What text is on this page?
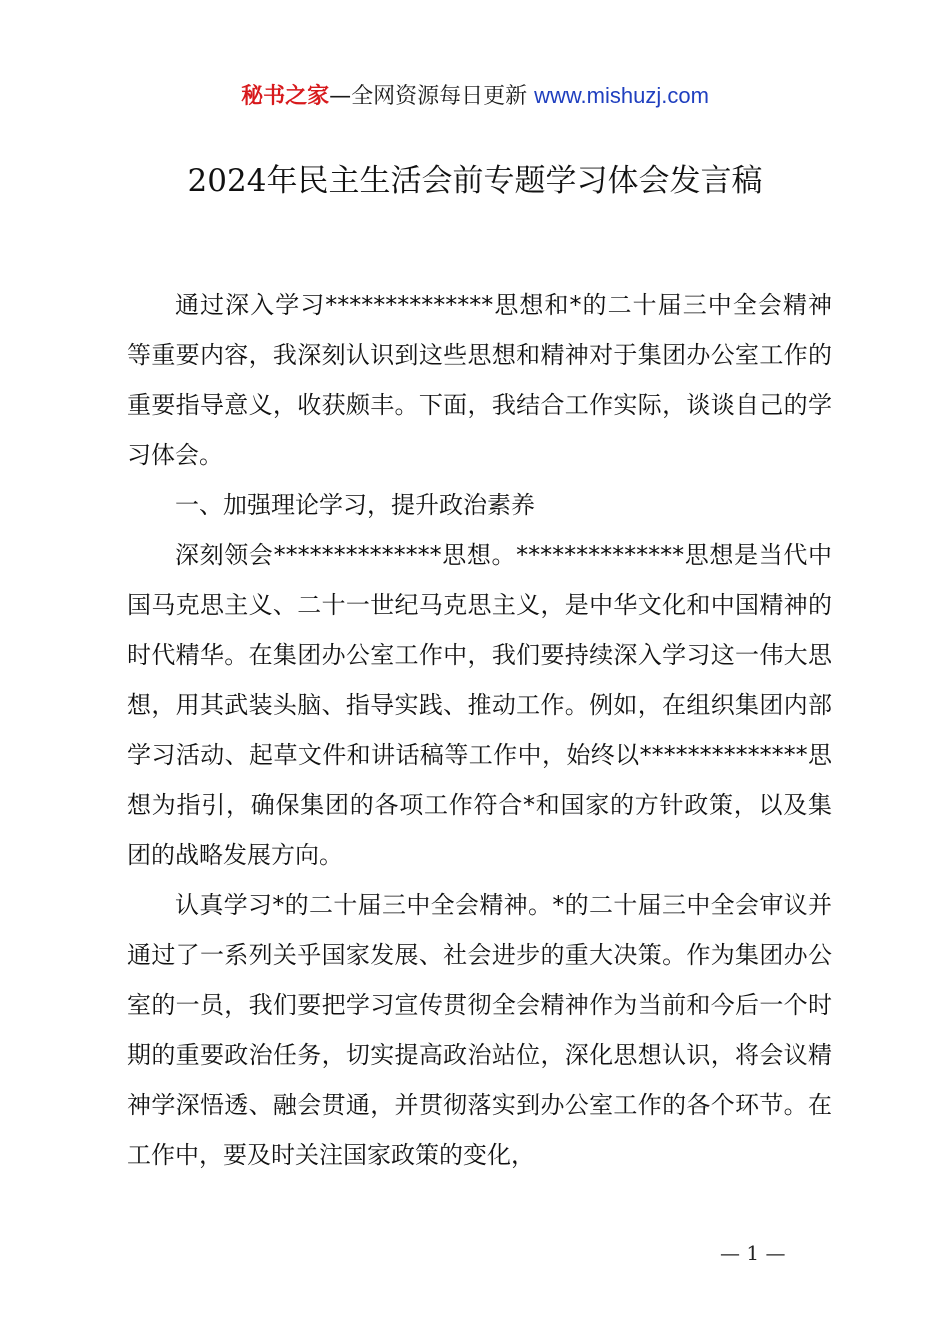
秘书之家—全网资源每日更新 www.mishuzj.com
2024年民主生活会前专题学习体会发言稿

通过深入学习**************思想和*的二十届三中全会精神等重要内容，我深刻认识到这些思想和精神对于集团办公室工作的重要指导意义，收获颇丰。下面，我结合工作实际，谈谈自己的学习体会。

一、加强理论学习，提升政治素养

深刻领会**************思想。**************思想是当代中国马克思主义、二十一世纪马克思主义，是中华文化和中国精神的时代精华。在集团办公室工作中，我们要持续深入学习这一伟大思想，用其武装头脑、指导实践、推动工作。例如，在组织集团内部学习活动、起草文件和讲话稿等工作中，始终以**************思想为指引，确保集团的各项工作符合*和国家的方针政策，以及集团的战略发展方向。

认真学习*的二十届三中全会精神。*的二十届三中全会审议并通过了一系列关乎国家发展、社会进步的重大决策。作为集团办公室的一员，我们要把学习宣传贯彻全会精神作为当前和今后一个时期的重要政治任务，切实提高政治站位，深化思想认识，将会议精神学深悟透、融会贯通，并贯彻落实到办公室工作的各个环节。在工作中，要及时关注国家政策的变化，

— 1 —
